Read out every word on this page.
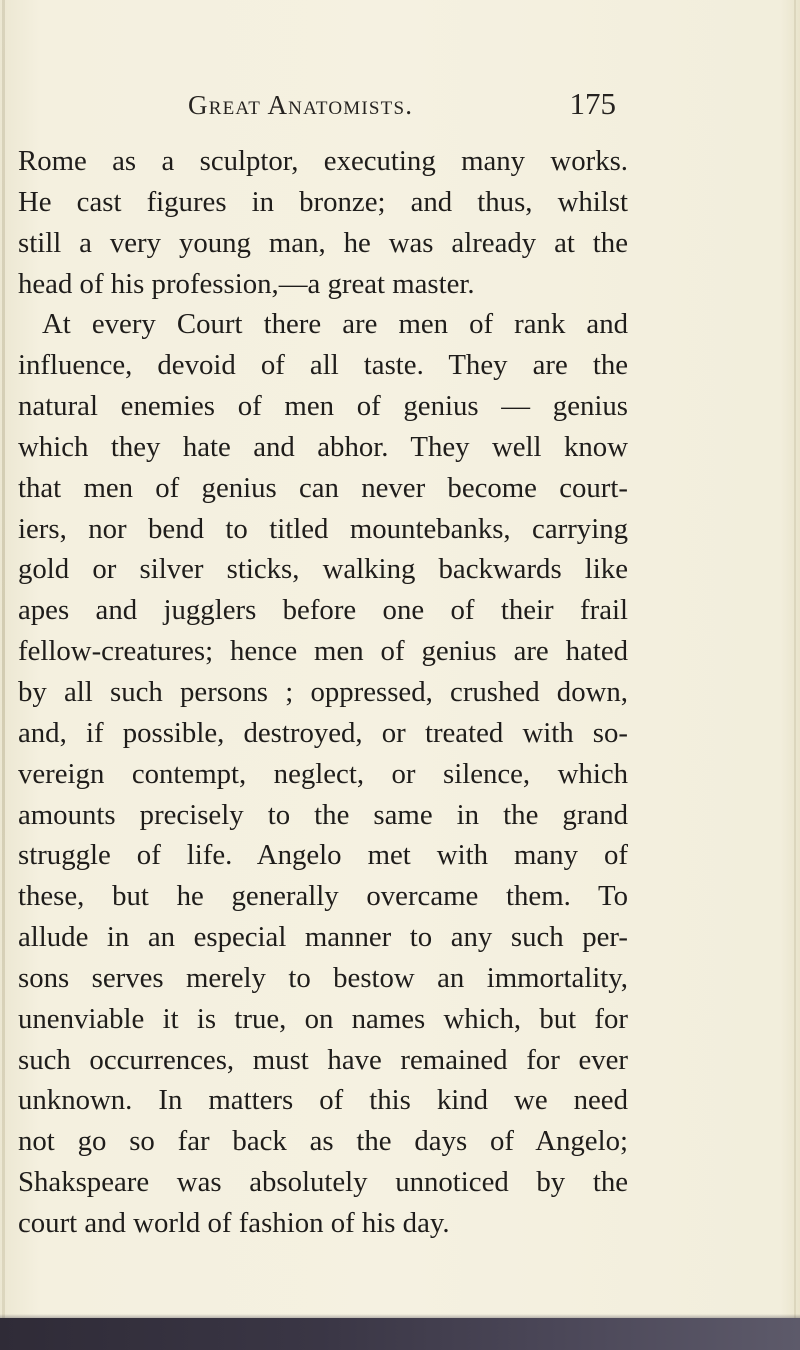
Great Anatomists.	175
Rome as a sculptor, executing many works.
He cast figures in bronze; and thus, whilst
still a very young man, he was already at the
head of his profession,—a great master.
At every Court there are men of rank and
influence, devoid of all taste. They are the
natural enemies of men of genius — genius
which they hate and abhor. They well know
that men of genius can never become court-
iers, nor bend to titled mountebanks, carrying
gold or silver sticks, walking backwards like
apes and jugglers before one of their frail
fellow-creatures; hence men of genius are hated
by all such persons ; oppressed, crushed down,
and, if possible, destroyed, or treated with so-
vereign contempt, neglect, or silence, which
amounts precisely to the same in the grand
struggle of life. Angelo met with many of
these, but he generally overcame them. To
allude in an especial manner to any such per-
sons serves merely to bestow an immortality,
unenviable it is true, on names which, but for
such occurrences, must have remained for ever
unknown. In matters of this kind we need
not go so far back as the days of Angelo;
Shakspeare was absolutely unnoticed by the
court and world of fashion of his day.
